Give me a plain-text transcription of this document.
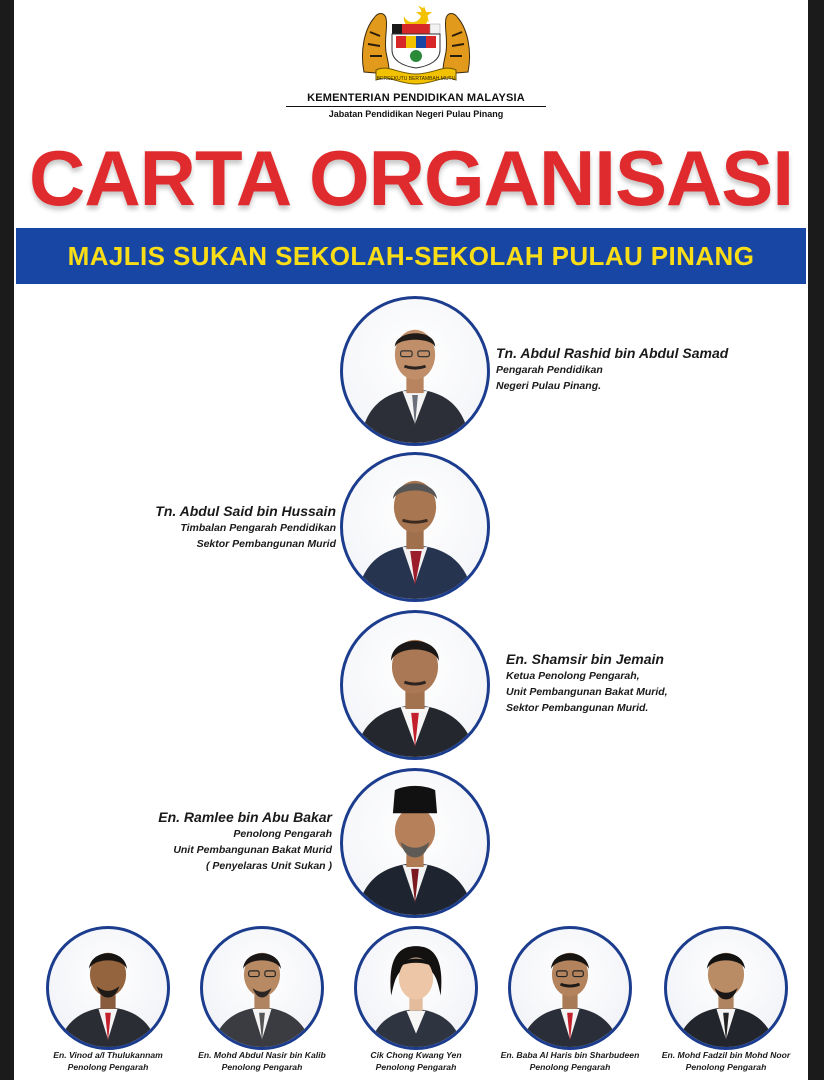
BERSEKUTU BERTAMBAH MUTU
KEMENTERIAN PENDIDIKAN MALAYSIA
Jabatan Pendidikan Negeri Pulau Pinang
CARTA ORGANISASI
MAJLIS SUKAN SEKOLAH-SEKOLAH PULAU PINANG
Tn. Abdul Rashid bin Abdul Samad
Pengarah Pendidikan
Negeri Pulau Pinang.
Tn. Abdul Said bin Hussain
Timbalan Pengarah Pendidikan
Sektor Pembangunan Murid
En. Shamsir bin Jemain
Ketua Penolong Pengarah,
Unit Pembangunan Bakat Murid,
Sektor Pembangunan Murid.
En. Ramlee bin Abu Bakar
Penolong Pengarah
Unit Pembangunan Bakat Murid
( Penyelaras Unit Sukan )
En. Vinod a/l Thulukannam
Penolong Pengarah
En. Mohd Abdul Nasir bin Kalib
Penolong Pengarah
Cik Chong Kwang Yen
Penolong Pengarah
En. Baba Al Haris bin Sharbudeen
Penolong Pengarah
En. Mohd Fadzil bin Mohd Noor
Penolong Pengarah
